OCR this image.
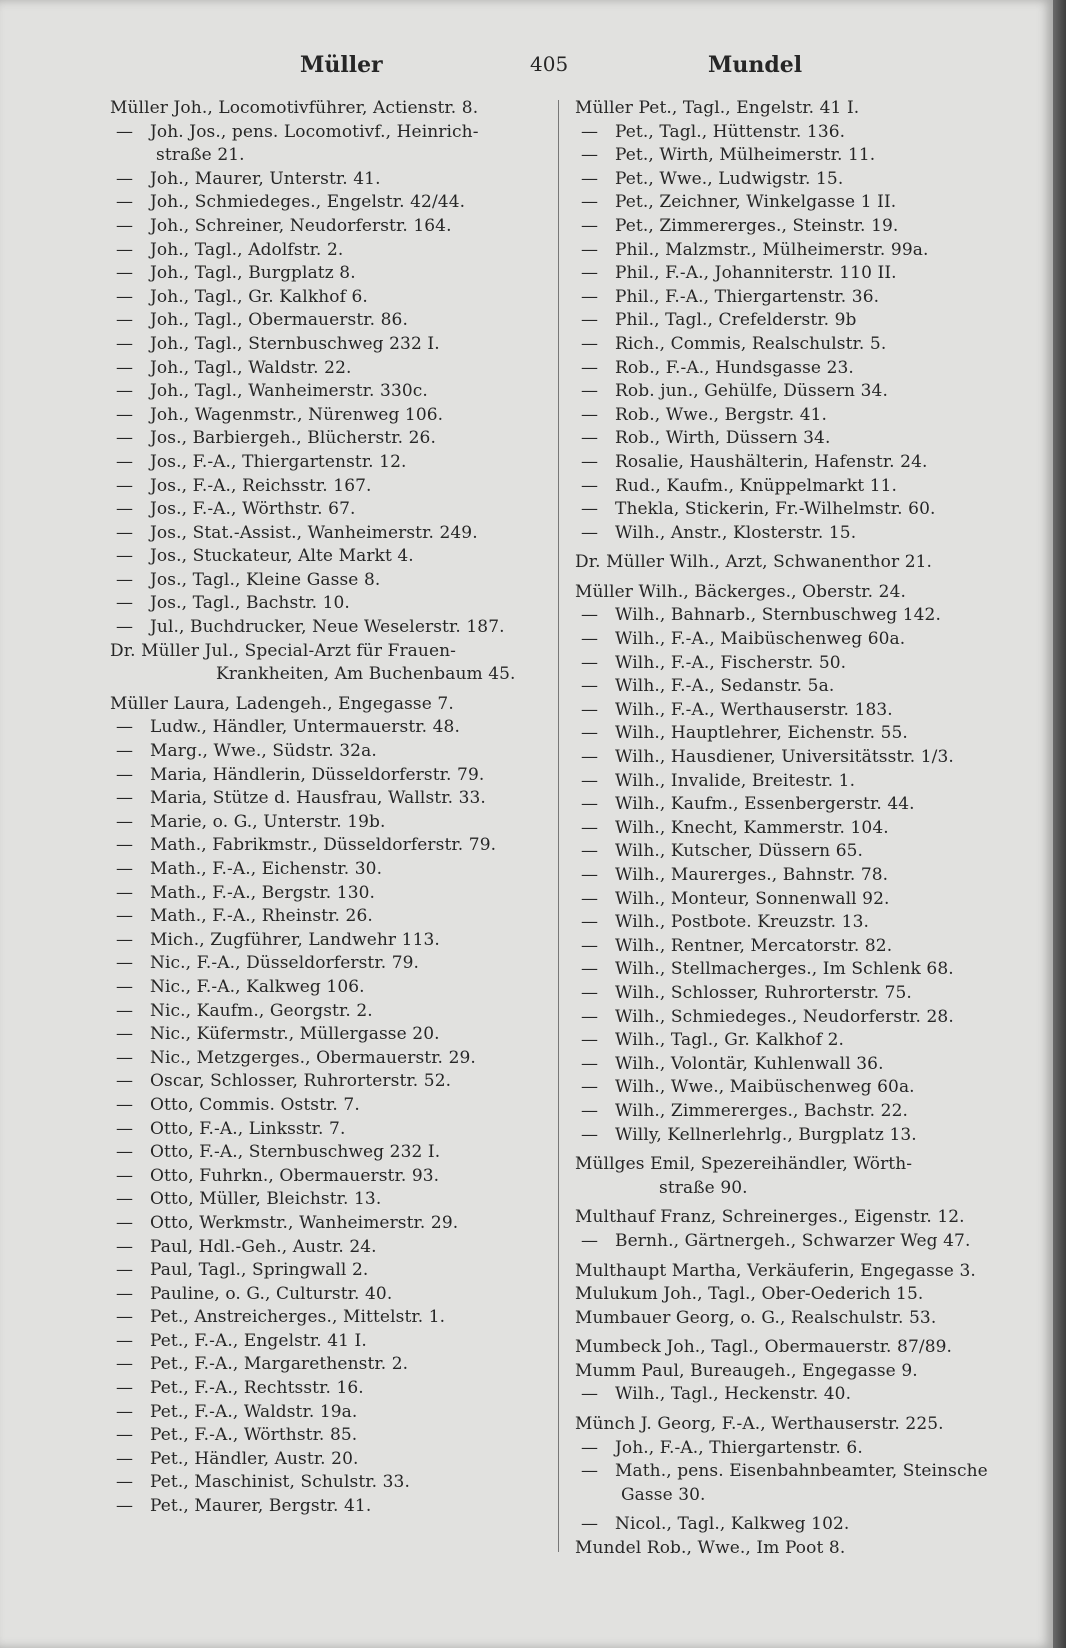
Müller	405	Mundel
Müller Joh., Locomotivführer, Actienstr. 8.
— Joh. Jos., pens. Locomotivf., Heinrich-
straße 21.
— Joh., Maurer, Unterstr. 41.
— Joh., Schmiedeges., Engelstr. 42/44.
— Joh., Schreiner, Neudorferstr. 164.
— Joh., Tagl., Adolfstr. 2.
— Joh., Tagl., Burgplatz 8.
— Joh., Tagl., Gr. Kalkhof 6.
— Joh., Tagl., Obermauerstr. 86.
— Joh., Tagl., Sternbuschweg 232 I.
— Joh., Tagl., Waldstr. 22.
— Joh., Tagl., Wanheimerstr. 330c.
— Joh., Wagenmstr., Nürenweg 106.
— Jos., Barbiergeh., Blücherstr. 26.
— Jos., F.-A., Thiergartenstr. 12.
— Jos., F.-A., Reichsstr. 167.
— Jos., F.-A., Wörthstr. 67.
— Jos., Stat.-Assist., Wanheimerstr. 249.
— Jos., Stuckateur, Alte Markt 4.
— Jos., Tagl., Kleine Gasse 8.
— Jos., Tagl., Bachstr. 10.
— Jul., Buchdrucker, Neue Weselerstr. 187.
Dr. Müller Jul., Special-Arzt für Frauen-
Krankheiten, Am Buchenbaum 45.
Müller Laura, Ladengeh., Engegasse 7.
— Ludw., Händler, Untermauerstr. 48.
— Marg., Wwe., Südstr. 32a.
— Maria, Händlerin, Düsseldorferstr. 79.
— Maria, Stütze d. Hausfrau, Wallstr. 33.
— Marie, o. G., Unterstr. 19b.
— Math., Fabrikmstr., Düsseldorferstr. 79.
— Math., F.-A., Eichenstr. 30.
— Math., F.-A., Bergstr. 130.
— Math., F.-A., Rheinstr. 26.
— Mich., Zugführer, Landwehr 113.
— Nic., F.-A., Düsseldorferstr. 79.
— Nic., F.-A., Kalkweg 106.
— Nic., Kaufm., Georgstr. 2.
— Nic., Küfermstr., Müllergasse 20.
— Nic., Metzgerges., Obermauerstr. 29.
— Oscar, Schlosser, Ruhrorterstr. 52.
— Otto, Commis. Oststr. 7.
— Otto, F.-A., Linksstr. 7.
— Otto, F.-A., Sternbuschweg 232 I.
— Otto, Fuhrkn., Obermauerstr. 93.
— Otto, Müller, Bleichstr. 13.
— Otto, Werkmstr., Wanheimerstr. 29.
— Paul, Hdl.-Geh., Austr. 24.
— Paul, Tagl., Springwall 2.
— Pauline, o. G., Culturstr. 40.
— Pet., Anstreicherges., Mittelstr. 1.
— Pet., F.-A., Engelstr. 41 I.
— Pet., F.-A., Margarethenstr. 2.
— Pet., F.-A., Rechtsstr. 16.
— Pet., F.-A., Waldstr. 19a.
— Pet., F.-A., Wörthstr. 85.
— Pet., Händler, Austr. 20.
— Pet., Maschinist, Schulstr. 33.
— Pet., Maurer, Bergstr. 41.
Müller Pet., Tagl., Engelstr. 41 I.
— Pet., Tagl., Hüttenstr. 136.
— Pet., Wirth, Mülheimerstr. 11.
— Pet., Wwe., Ludwigstr. 15.
— Pet., Zeichner, Winkelgasse 1 II.
— Pet., Zimmererges., Steinstr. 19.
— Phil., Malzmstr., Mülheimerstr. 99a.
— Phil., F.-A., Johanniterstr. 110 II.
— Phil., F.-A., Thiergartenstr. 36.
— Phil., Tagl., Crefelderstr. 9b
— Rich., Commis, Realschulstr. 5.
— Rob., F.-A., Hundsgasse 23.
— Rob. jun., Gehülfe, Düssern 34.
— Rob., Wwe., Bergstr. 41.
— Rob., Wirth, Düssern 34.
— Rosalie, Haushälterin, Hafenstr. 24.
— Rud., Kaufm., Knüppelmarkt 11.
— Thekla, Stickerin, Fr.-Wilhelmstr. 60.
— Wilh., Anstr., Klosterstr. 15.
Dr. Müller Wilh., Arzt, Schwanenthor 21.
Müller Wilh., Bäckerges., Oberstr. 24.
— Wilh., Bahnarb., Sternbuschweg 142.
— Wilh., F.-A., Maibüschenweg 60a.
— Wilh., F.-A., Fischerstr. 50.
— Wilh., F.-A., Sedanstr. 5a.
— Wilh., F.-A., Werthauserstr. 183.
— Wilh., Hauptlehrer, Eichenstr. 55.
— Wilh., Hausdiener, Universitätsstr. 1/3.
— Wilh., Invalide, Breitestr. 1.
— Wilh., Kaufm., Essenbergerstr. 44.
— Wilh., Knecht, Kammerstr. 104.
— Wilh., Kutscher, Düssern 65.
— Wilh., Maurerges., Bahnstr. 78.
— Wilh., Monteur, Sonnenwall 92.
— Wilh., Postbote. Kreuzstr. 13.
— Wilh., Rentner, Mercatorstr. 82.
— Wilh., Stellmacherges., Im Schlenk 68.
— Wilh., Schlosser, Ruhrorterstr. 75.
— Wilh., Schmiedeges., Neudorferstr. 28.
— Wilh., Tagl., Gr. Kalkhof 2.
— Wilh., Volontär, Kuhlenwall 36.
— Wilh., Wwe., Maibüschenweg 60a.
— Wilh., Zimmererges., Bachstr. 22.
— Willy, Kellnerlehrlg., Burgplatz 13.
Müllges Emil, Spezereihändler, Wörth-
straße 90.
Multhauf Franz, Schreinerges., Eigenstr. 12.
— Bernh., Gärtnergeh., Schwarzer Weg 47.
Multhaupt Martha, Verkäuferin, Engegasse 3.
Mulukum Joh., Tagl., Ober-Oederich 15.
Mumbauer Georg, o. G., Realschulstr. 53.
Mumbeck Joh., Tagl., Obermauerstr. 87/89.
Mumm Paul, Bureaugeh., Engegasse 9.
— Wilh., Tagl., Heckenstr. 40.
Münch J. Georg, F.-A., Werthauserstr. 225.
— Joh., F.-A., Thiergartenstr. 6.
— Math., pens. Eisenbahnbeamter, Steinsche
Gasse 30.
— Nicol., Tagl., Kalkweg 102.
Mundel Rob., Wwe., Im Poot 8.
